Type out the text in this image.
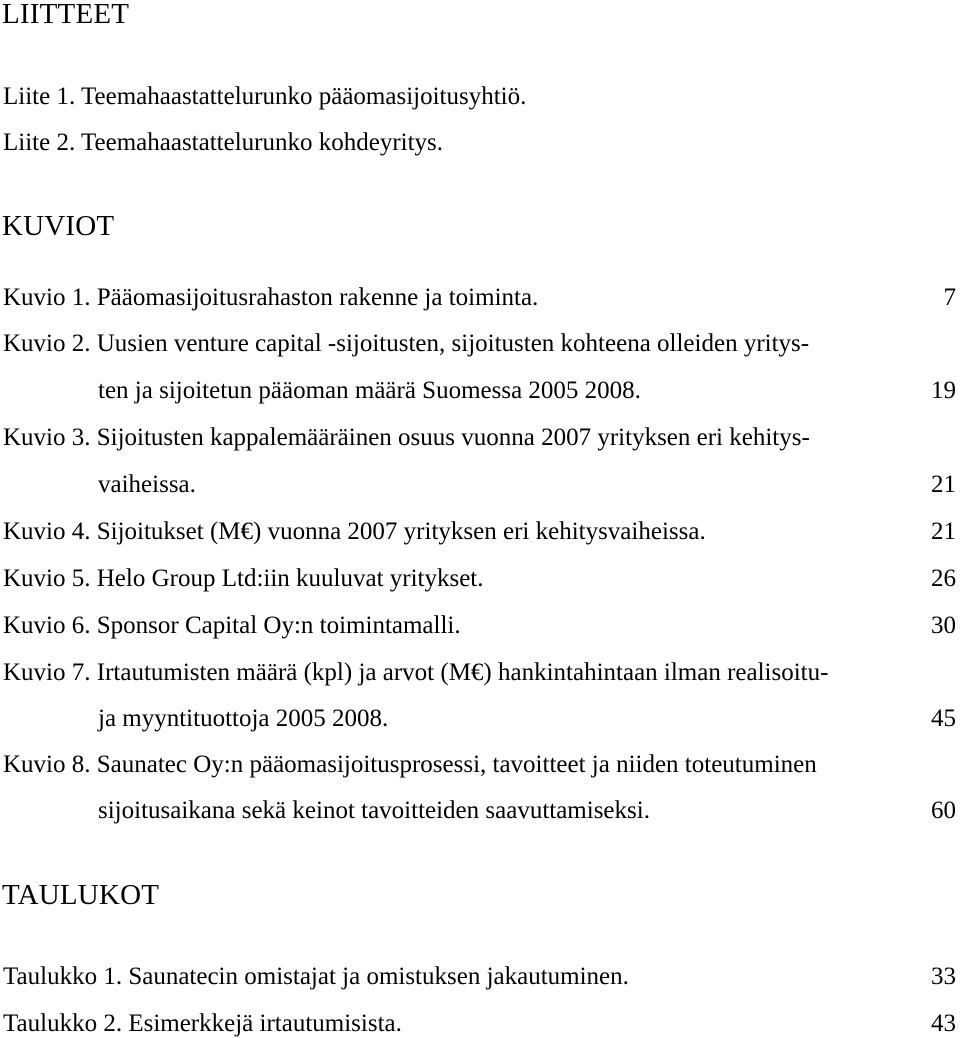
LIITTEET
Liite 1. Teemahaastattelurunko pääomasijoitusyhtiö.
Liite 2. Teemahaastattelurunko kohdeyritys.
KUVIOT
Kuvio 1. Pääomasijoitusrahaston rakenne ja toiminta.	7
Kuvio 2. Uusien venture capital -sijoitusten, sijoitusten kohteena olleiden yritys-
ten ja sijoitetun pääoman määrä Suomessa 2005 2008.	19
Kuvio 3. Sijoitusten kappalemääräinen osuus vuonna 2007 yrityksen eri kehitys-
vaiheissa.	21
Kuvio 4. Sijoitukset (M€) vuonna 2007 yrityksen eri kehitysvaiheissa.	21
Kuvio 5. Helo Group Ltd:iin kuuluvat yritykset.	26
Kuvio 6. Sponsor Capital Oy:n toimintamalli.	30
Kuvio 7. Irtautumisten määrä (kpl) ja arvot (M€) hankintahintaan ilman realisoitu-
ja myyntituottoja 2005 2008.	45
Kuvio 8. Saunatec Oy:n pääomasijoitusprosessi, tavoitteet ja niiden toteutuminen
sijoitusaikana sekä keinot tavoitteiden saavuttamiseksi.	60
TAULUKOT
Taulukko 1. Saunatecin omistajat ja omistuksen jakautuminen.	33
Taulukko 2. Esimerkkejä irtautumisista.	43
